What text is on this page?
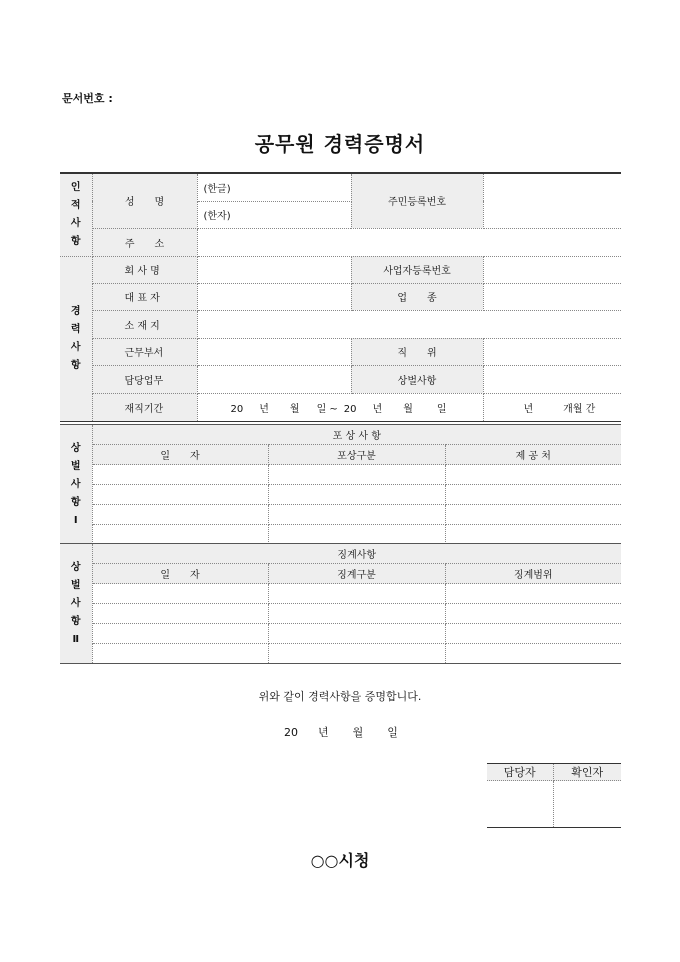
문서번호 :
공무원 경력증명서
인
적
사
항	성　　명	(한글)	주민등록번호	
		(한자)		
	주　　소			

경
력
사
항	회 사 명		사업자등록번호	
	대 표 자		업　　종	
	소 재 지			
	근무부서		직　　위	
	담당업무		상벌사항	
	재직기간	20 년 월 일 ~ 20 년 월 일		년 개월 간
상
벌
사
항
Ⅰ	포 상 사 항		
	일　　자	포상구분	제 공 처

상
벌
사
항
Ⅱ	징계사항		
	일　　자	징계구분	징계범위

위와 같이 경력사항을 증명합니다.
20 년 월 일
담당자	확인자

○○시청
